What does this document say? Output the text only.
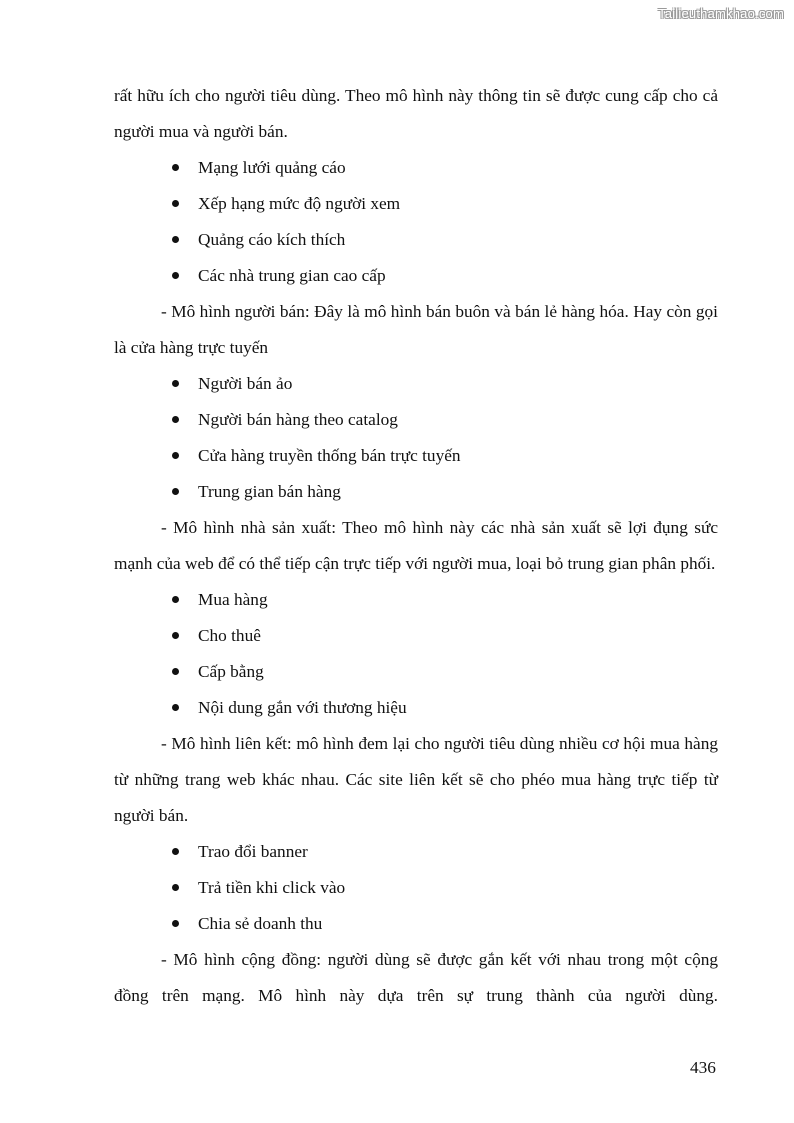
Tailieuthamkhao.com

rất hữu ích cho người tiêu dùng. Theo mô hình này thông tin sẽ được cung cấp cho cả người mua và người bán.

Mạng lưới quảng cáo
Xếp hạng mức độ người xem
Quảng cáo kích thích
Các nhà trung gian cao cấp

- Mô hình người bán: Đây là mô hình bán buôn và bán lẻ hàng hóa. Hay còn gọi là cửa hàng trực tuyến

Người bán ảo
Người bán hàng theo catalog
Cửa hàng truyền thống bán trực tuyến
Trung gian bán hàng

- Mô hình nhà sản xuất: Theo mô hình này các nhà sản xuất sẽ lợi đụng sức mạnh của web để có thể tiếp cận trực tiếp với người mua, loại bỏ trung gian phân phối.

Mua hàng
Cho thuê
Cấp bằng
Nội dung gắn với thương hiệu

- Mô hình liên kết: mô hình đem lại cho người tiêu dùng nhiều cơ hội mua hàng từ những trang web khác nhau. Các site liên kết sẽ cho phéo mua hàng trực tiếp từ người bán.

Trao đổi banner
Trả tiền khi click vào
Chia sẻ doanh thu

- Mô hình cộng đồng: người dùng sẽ được gắn kết với nhau trong một cộng đồng trên mạng. Mô hình này dựa trên sự trung thành của người dùng.

436
